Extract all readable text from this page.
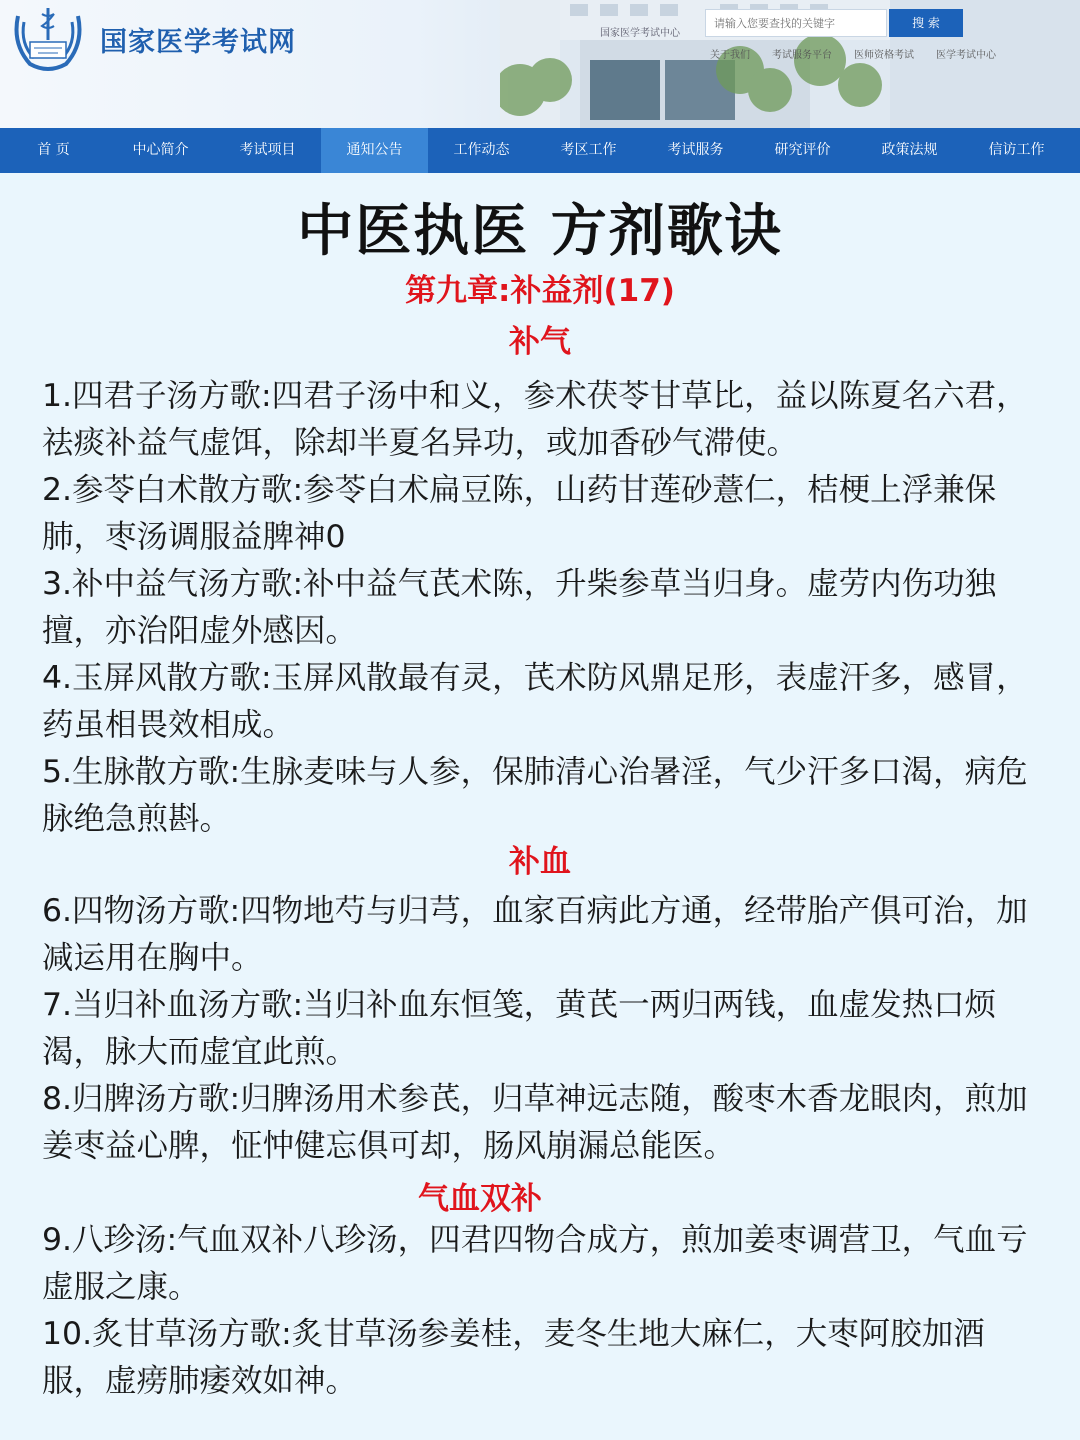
国家医学考试网	国家医学考试中心
请输入您要查找的关键字
搜 索
关于我们 考试服务平台 医师资格考试 医学考试中心
首 页	中心简介	考试项目	通知公告	工作动态	考区工作	考试服务	研究评价	政策法规	信访工作
中医执医 方剂歌诀
第九章:补益剂(17)
补气
1.四君子汤方歌:四君子汤中和义，参术茯苓甘草比，益以陈夏名六君，祛痰补益气虚饵，除却半夏名异功，或加香砂气滞使。
2.参苓白术散方歌:参苓白术扁豆陈，山药甘莲砂薏仁，桔梗上浮兼保肺，枣汤调服益脾神0
3.补中益气汤方歌:补中益气芪术陈，升柴参草当归身。虚劳内伤功独擅，亦治阳虚外感因。
4.玉屏风散方歌:玉屏风散最有灵，芪术防风鼎足形，表虚汗多，感冒，药虽相畏效相成。
5.生脉散方歌:生脉麦味与人参，保肺清心治暑淫，气少汗多口渴，病危脉绝急煎斟。
补血
6.四物汤方歌:四物地芍与归芎，血家百病此方通，经带胎产俱可治，加减运用在胸中。
7.当归补血汤方歌:当归补血东恒笺，黄芪一两归两钱，血虚发热口烦渴，脉大而虚宜此煎。
8.归脾汤方歌:归脾汤用术参芪，归草神远志随，酸枣木香龙眼肉，煎加姜枣益心脾，怔忡健忘俱可却，肠风崩漏总能医。
气血双补
9.八珍汤:气血双补八珍汤，四君四物合成方，煎加姜枣调营卫，气血亏虚服之康。
10.炙甘草汤方歌:炙甘草汤参姜桂，麦冬生地大麻仁，大枣阿胶加酒服，虚痨肺痿效如神。
